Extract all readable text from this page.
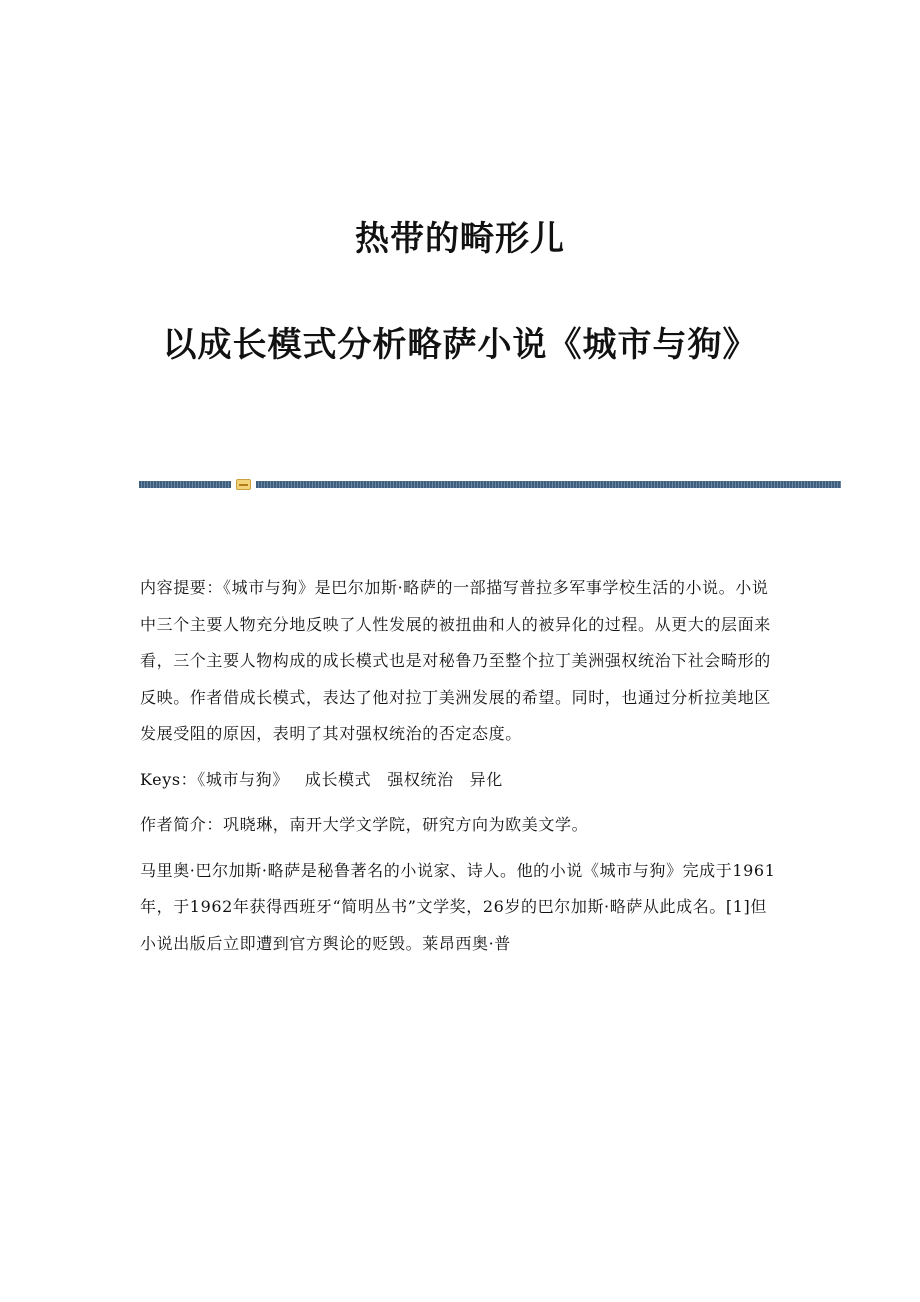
热带的畸形儿
以成长模式分析略萨小说《城市与狗》

内容提要：《城市与狗》是巴尔加斯·略萨的一部描写普拉多军事学校生活的小说。小说中三个主要人物充分地反映了人性发展的被扭曲和人的被异化的过程。从更大的层面来看，三个主要人物构成的成长模式也是对秘鲁乃至整个拉丁美洲强权统治下社会畸形的反映。作者借成长模式，表达了他对拉丁美洲发展的希望。同时，也通过分析拉美地区发展受阻的原因，表明了其对强权统治的否定态度。

Keys：《城市与狗》 成长模式 强权统治 异化

作者简介：巩晓琳，南开大学文学院，研究方向为欧美文学。

马里奥·巴尔加斯·略萨是秘鲁著名的小说家、诗人。他的小说《城市与狗》完成于1961年，于1962年获得西班牙“简明丛书”文学奖，26岁的巴尔加斯·略萨从此成名。[1]但小说出版后立即遭到官方舆论的贬毁。莱昂西奥·普
